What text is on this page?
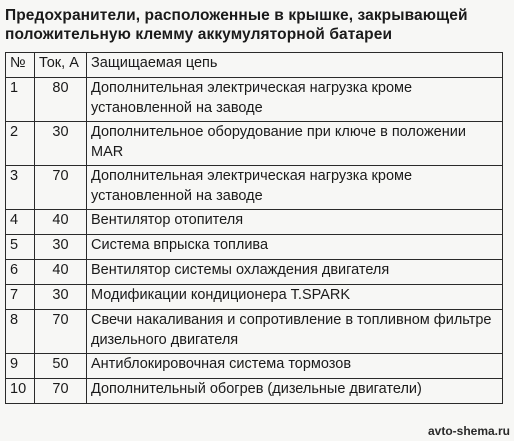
Предохранители, расположенные в крышке, закрывающей положительную клемму аккумуляторной батареи
№	Ток, А	Защищаемая цепь
1	80	Дополнительная электрическая нагрузка кроме установленной на заводе
2	30	Дополнительное оборудование при ключе в положении MAR
3	70	Дополнительная электрическая нагрузка кроме установленной на заводе
4	40	Вентилятор отопителя
5	30	Система впрыска топлива
6	40	Вентилятор системы охлаждения двигателя
7	30	Модификации кондиционера T.SPARK
8	70	Свечи накаливания и сопротивление в топливном фильтре дизельного двигателя
9	50	Антиблокировочная система тормозов
10	70	Дополнительный обогрев (дизельные двигатели)
avto-shema.ru
